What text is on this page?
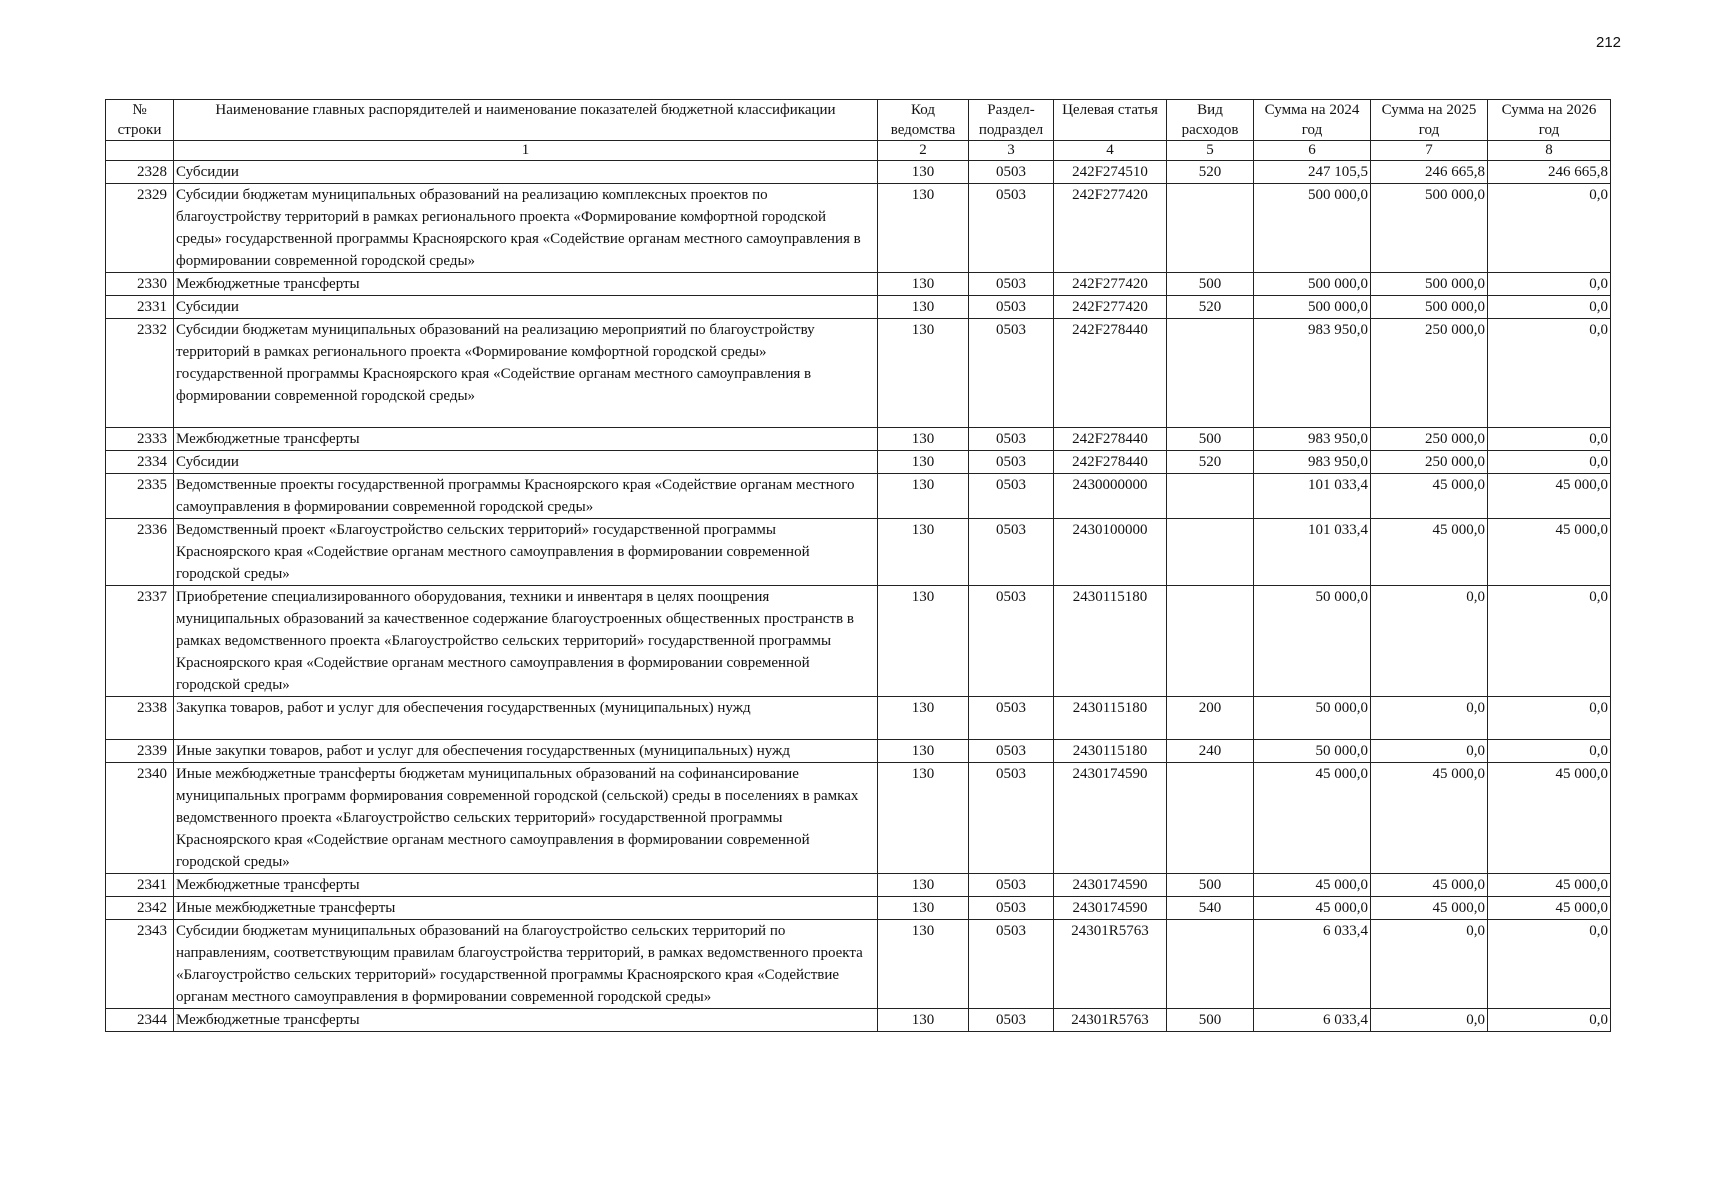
212
№ строки	Наименование главных распорядителей и наименование показателей бюджетной классификации	Код ведомства	Раздел-подраздел	Целевая статья	Вид расходов	Сумма на 2024 год	Сумма на 2025 год	Сумма на 2026 год
	1	2	3	4	5	6	7	8
2328	Субсидии	130	0503	242F274510	520	247 105,5	246 665,8	246 665,8
2329	Субсидии бюджетам муниципальных образований на реализацию комплексных проектов по благоустройству территорий в рамках регионального проекта «Формирование комфортной городской среды» государственной программы Красноярского края «Содействие органам местного самоуправления в формировании современной городской среды»	130	0503	242F277420		500 000,0	500 000,0	0,0
2330	Межбюджетные трансферты	130	0503	242F277420	500	500 000,0	500 000,0	0,0
2331	Субсидии	130	0503	242F277420	520	500 000,0	500 000,0	0,0
2332	Субсидии бюджетам муниципальных образований на реализацию мероприятий по благоустройству территорий в рамках регионального проекта «Формирование комфортной городской среды» государственной программы Красноярского края «Содействие органам местного самоуправления в формировании современной городской среды»	130	0503	242F278440		983 950,0	250 000,0	0,0
2333	Межбюджетные трансферты	130	0503	242F278440	500	983 950,0	250 000,0	0,0
2334	Субсидии	130	0503	242F278440	520	983 950,0	250 000,0	0,0
2335	Ведомственные проекты государственной программы Красноярского края «Содействие органам местного самоуправления в формировании современной городской среды»	130	0503	2430000000		101 033,4	45 000,0	45 000,0
2336	Ведомственный проект «Благоустройство сельских территорий» государственной программы Красноярского края «Содействие органам местного самоуправления в формировании современной городской среды»	130	0503	2430100000		101 033,4	45 000,0	45 000,0
2337	Приобретение специализированного оборудования, техники и инвентаря в целях поощрения муниципальных образований за качественное содержание благоустроенных общественных пространств в рамках ведомственного проекта «Благоустройство сельских территорий» государственной программы Красноярского края «Содействие органам местного самоуправления в формировании современной городской среды»	130	0503	2430115180		50 000,0	0,0	0,0
2338	Закупка товаров, работ и услуг для обеспечения государственных (муниципальных) нужд	130	0503	2430115180	200	50 000,0	0,0	0,0
2339	Иные закупки товаров, работ и услуг для обеспечения государственных (муниципальных) нужд	130	0503	2430115180	240	50 000,0	0,0	0,0
2340	Иные межбюджетные трансферты бюджетам муниципальных образований на софинансирование муниципальных программ формирования современной городской (сельской) среды в поселениях в рамках ведомственного проекта «Благоустройство сельских территорий» государственной программы Красноярского края «Содействие органам местного самоуправления в формировании современной городской среды»	130	0503	2430174590		45 000,0	45 000,0	45 000,0
2341	Межбюджетные трансферты	130	0503	2430174590	500	45 000,0	45 000,0	45 000,0
2342	Иные межбюджетные трансферты	130	0503	2430174590	540	45 000,0	45 000,0	45 000,0
2343	Субсидии бюджетам муниципальных образований на благоустройство сельских территорий по направлениям, соответствующим правилам благоустройства территорий, в рамках ведомственного проекта «Благоустройство сельских территорий» государственной программы Красноярского края «Содействие органам местного самоуправления в формировании современной городской среды»	130	0503	24301R5763		6 033,4	0,0	0,0
2344	Межбюджетные трансферты	130	0503	24301R5763	500	6 033,4	0,0	0,0
